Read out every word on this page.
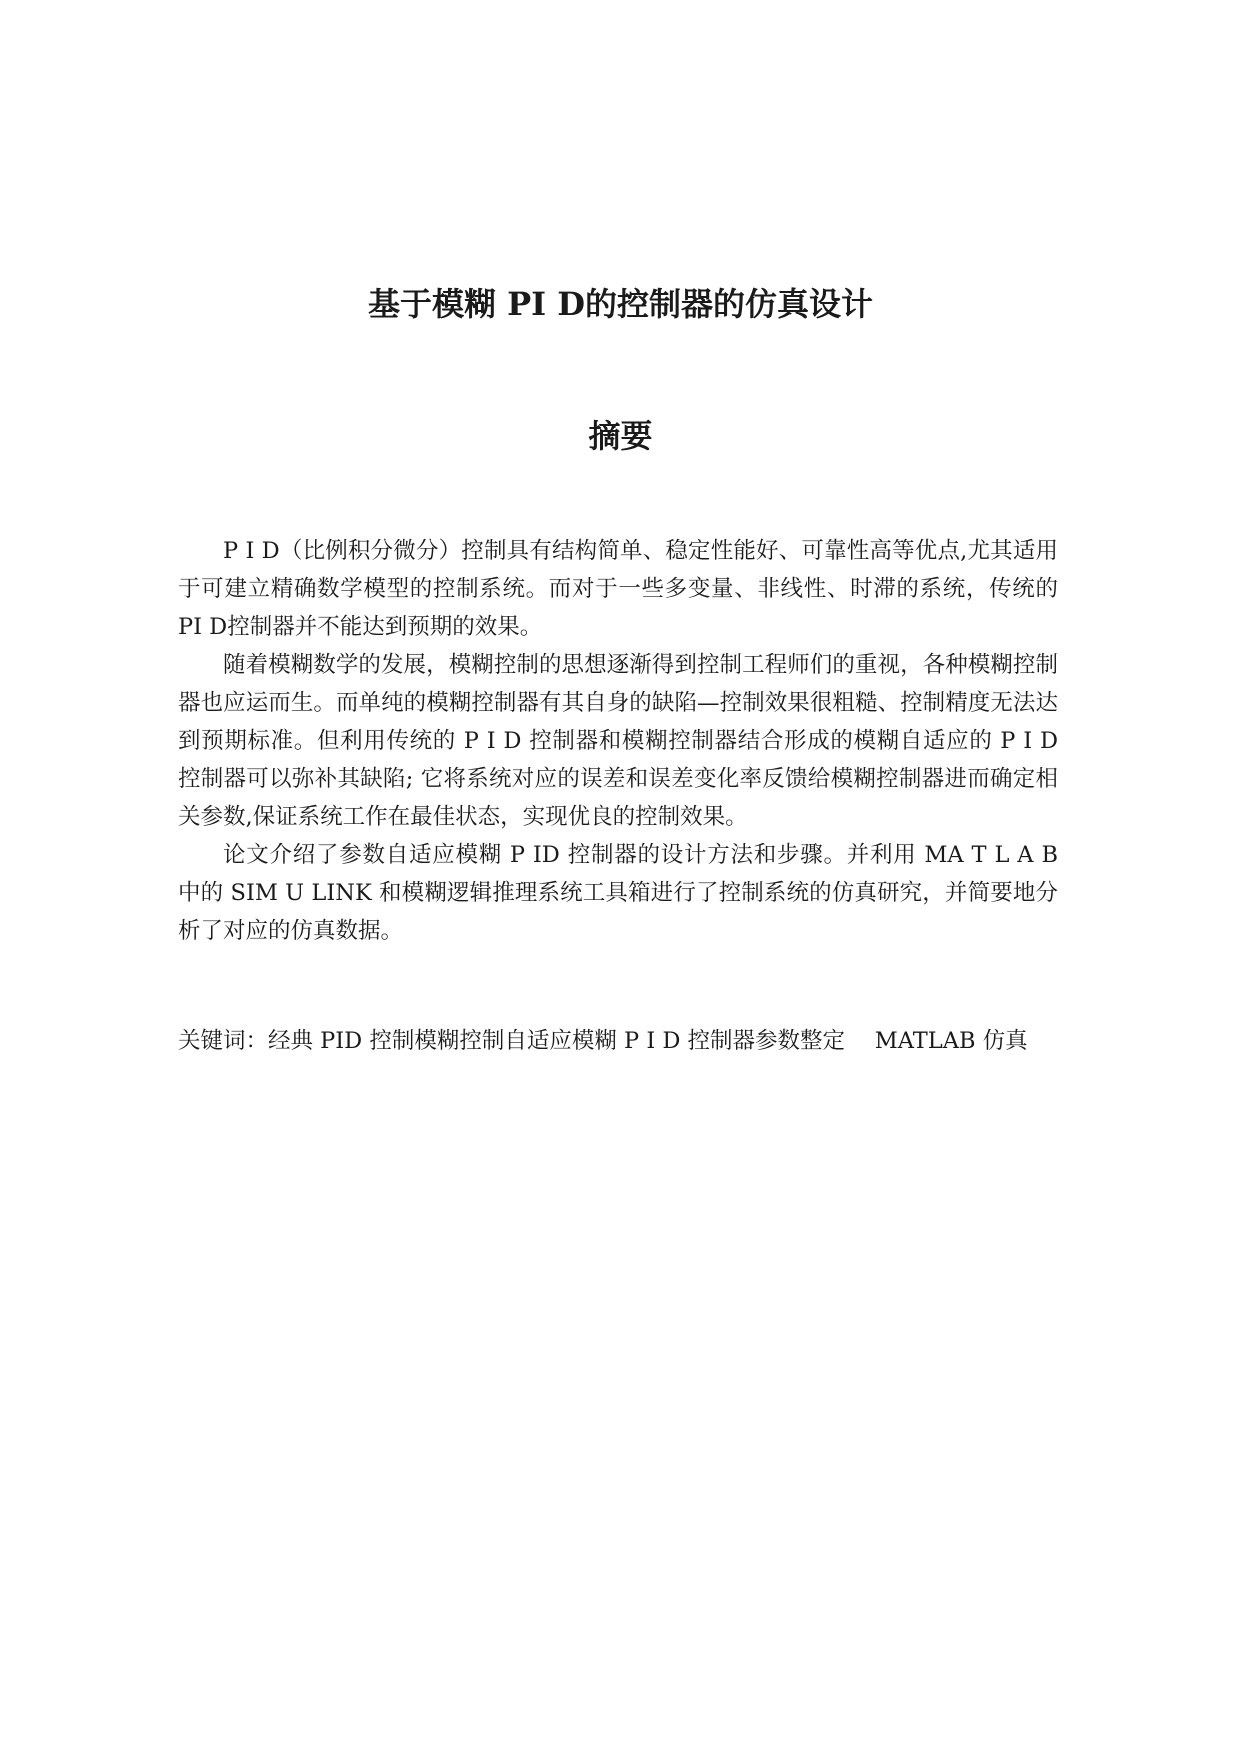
基于模糊 PI D的控制器的仿真设计
摘要

P I D（比例积分微分）控制具有结构简单、稳定性能好、可靠性高等优点,尤其适用于可建立精确数学模型的控制系统。而对于一些多变量、非线性、时滞的系统，传统的 PI D控制器并不能达到预期的效果。

随着模糊数学的发展，模糊控制的思想逐渐得到控制工程师们的重视，各种模糊控制器也应运而生。而单纯的模糊控制器有其自身的缺陷—控制效果很粗糙、控制精度无法达到预期标准。但利用传统的 P I D 控制器和模糊控制器结合形成的模糊自适应的 P I D 控制器可以弥补其缺陷; 它将系统对应的误差和误差变化率反馈给模糊控制器进而确定相关参数,保证系统工作在最佳状态，实现优良的控制效果。

论文介绍了参数自适应模糊 P ID 控制器的设计方法和步骤。并利用 MA T L A B 中的 SIM U LINK 和模糊逻辑推理系统工具箱进行了控制系统的仿真研究，并简要地分析了对应的仿真数据。

关键词：经典 PID 控制模糊控制自适应模糊 P I D 控制器参数整定　 MATLAB 仿真
